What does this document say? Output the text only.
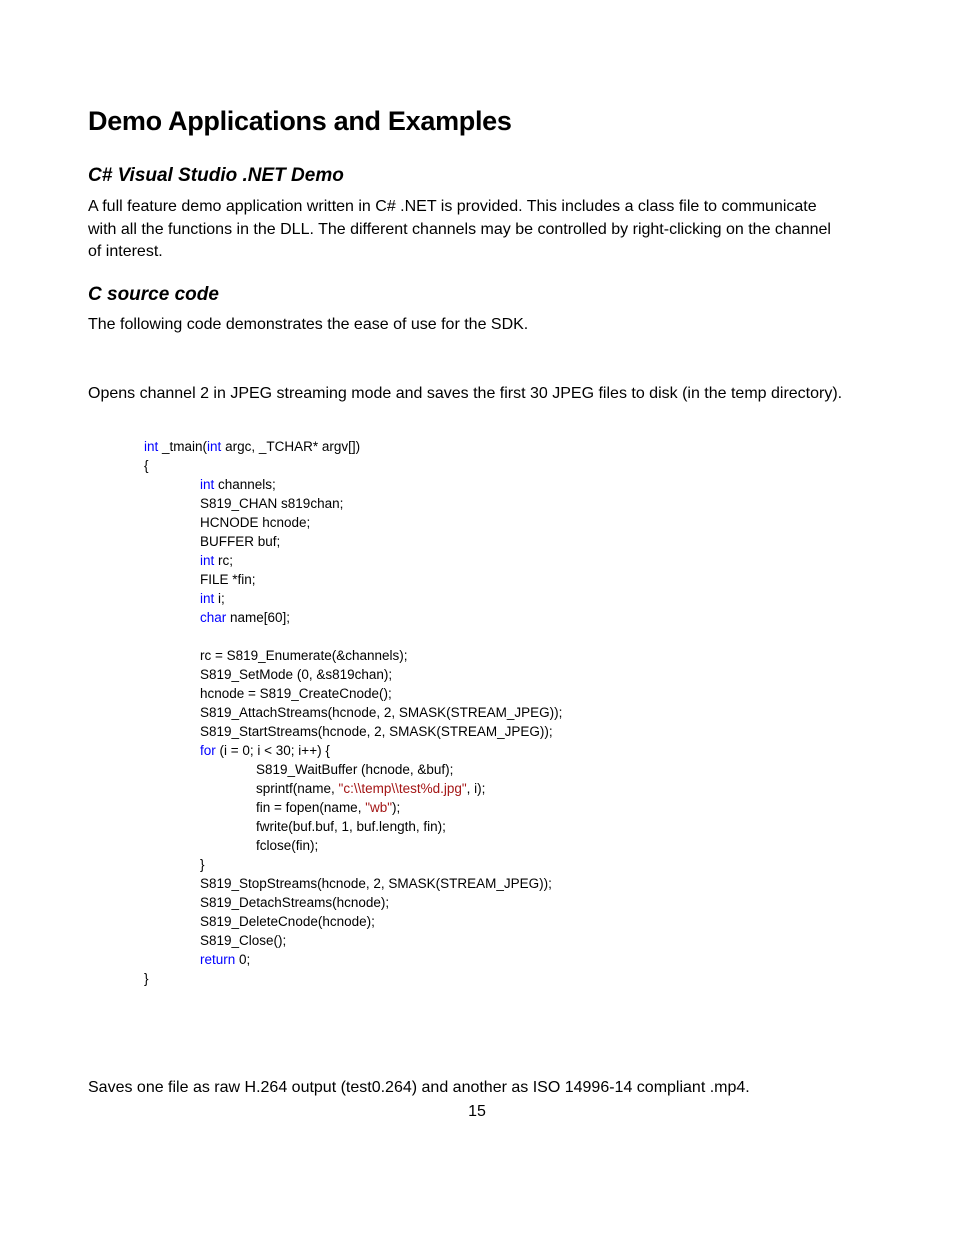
Demo Applications and Examples
C# Visual Studio .NET Demo

A full feature demo application written in C# .NET is provided. This includes a class file to communicate with all the functions in the DLL. The different channels may be controlled by right-clicking on the channel of interest.

C source code

The following code demonstrates the ease of use for the SDK.

Opens channel 2 in JPEG streaming mode and saves the first 30 JPEG files to disk (in the temp directory).

int _tmain(int argc, _TCHAR* argv[])
{
int channels;
S819_CHAN s819chan;
HCNODE hcnode;
BUFFER buf;
int rc;
FILE *fin;
int i;
char name[60];
rc = S819_Enumerate(&channels);
S819_SetMode (0, &s819chan);
hcnode = S819_CreateCnode();
S819_AttachStreams(hcnode, 2, SMASK(STREAM_JPEG));
S819_StartStreams(hcnode, 2, SMASK(STREAM_JPEG));
for (i = 0; i < 30; i++) {
S819_WaitBuffer (hcnode, &buf);
sprintf(name, "c:\\temp\\test%d.jpg", i);
fin = fopen(name, "wb");
fwrite(buf.buf, 1, buf.length, fin);
fclose(fin);
}
S819_StopStreams(hcnode, 2, SMASK(STREAM_JPEG));
S819_DetachStreams(hcnode);
S819_DeleteCnode(hcnode);
S819_Close();
return 0;
}

Saves one file as raw H.264 output (test0.264) and another as ISO 14996-14 compliant .mp4.

15
